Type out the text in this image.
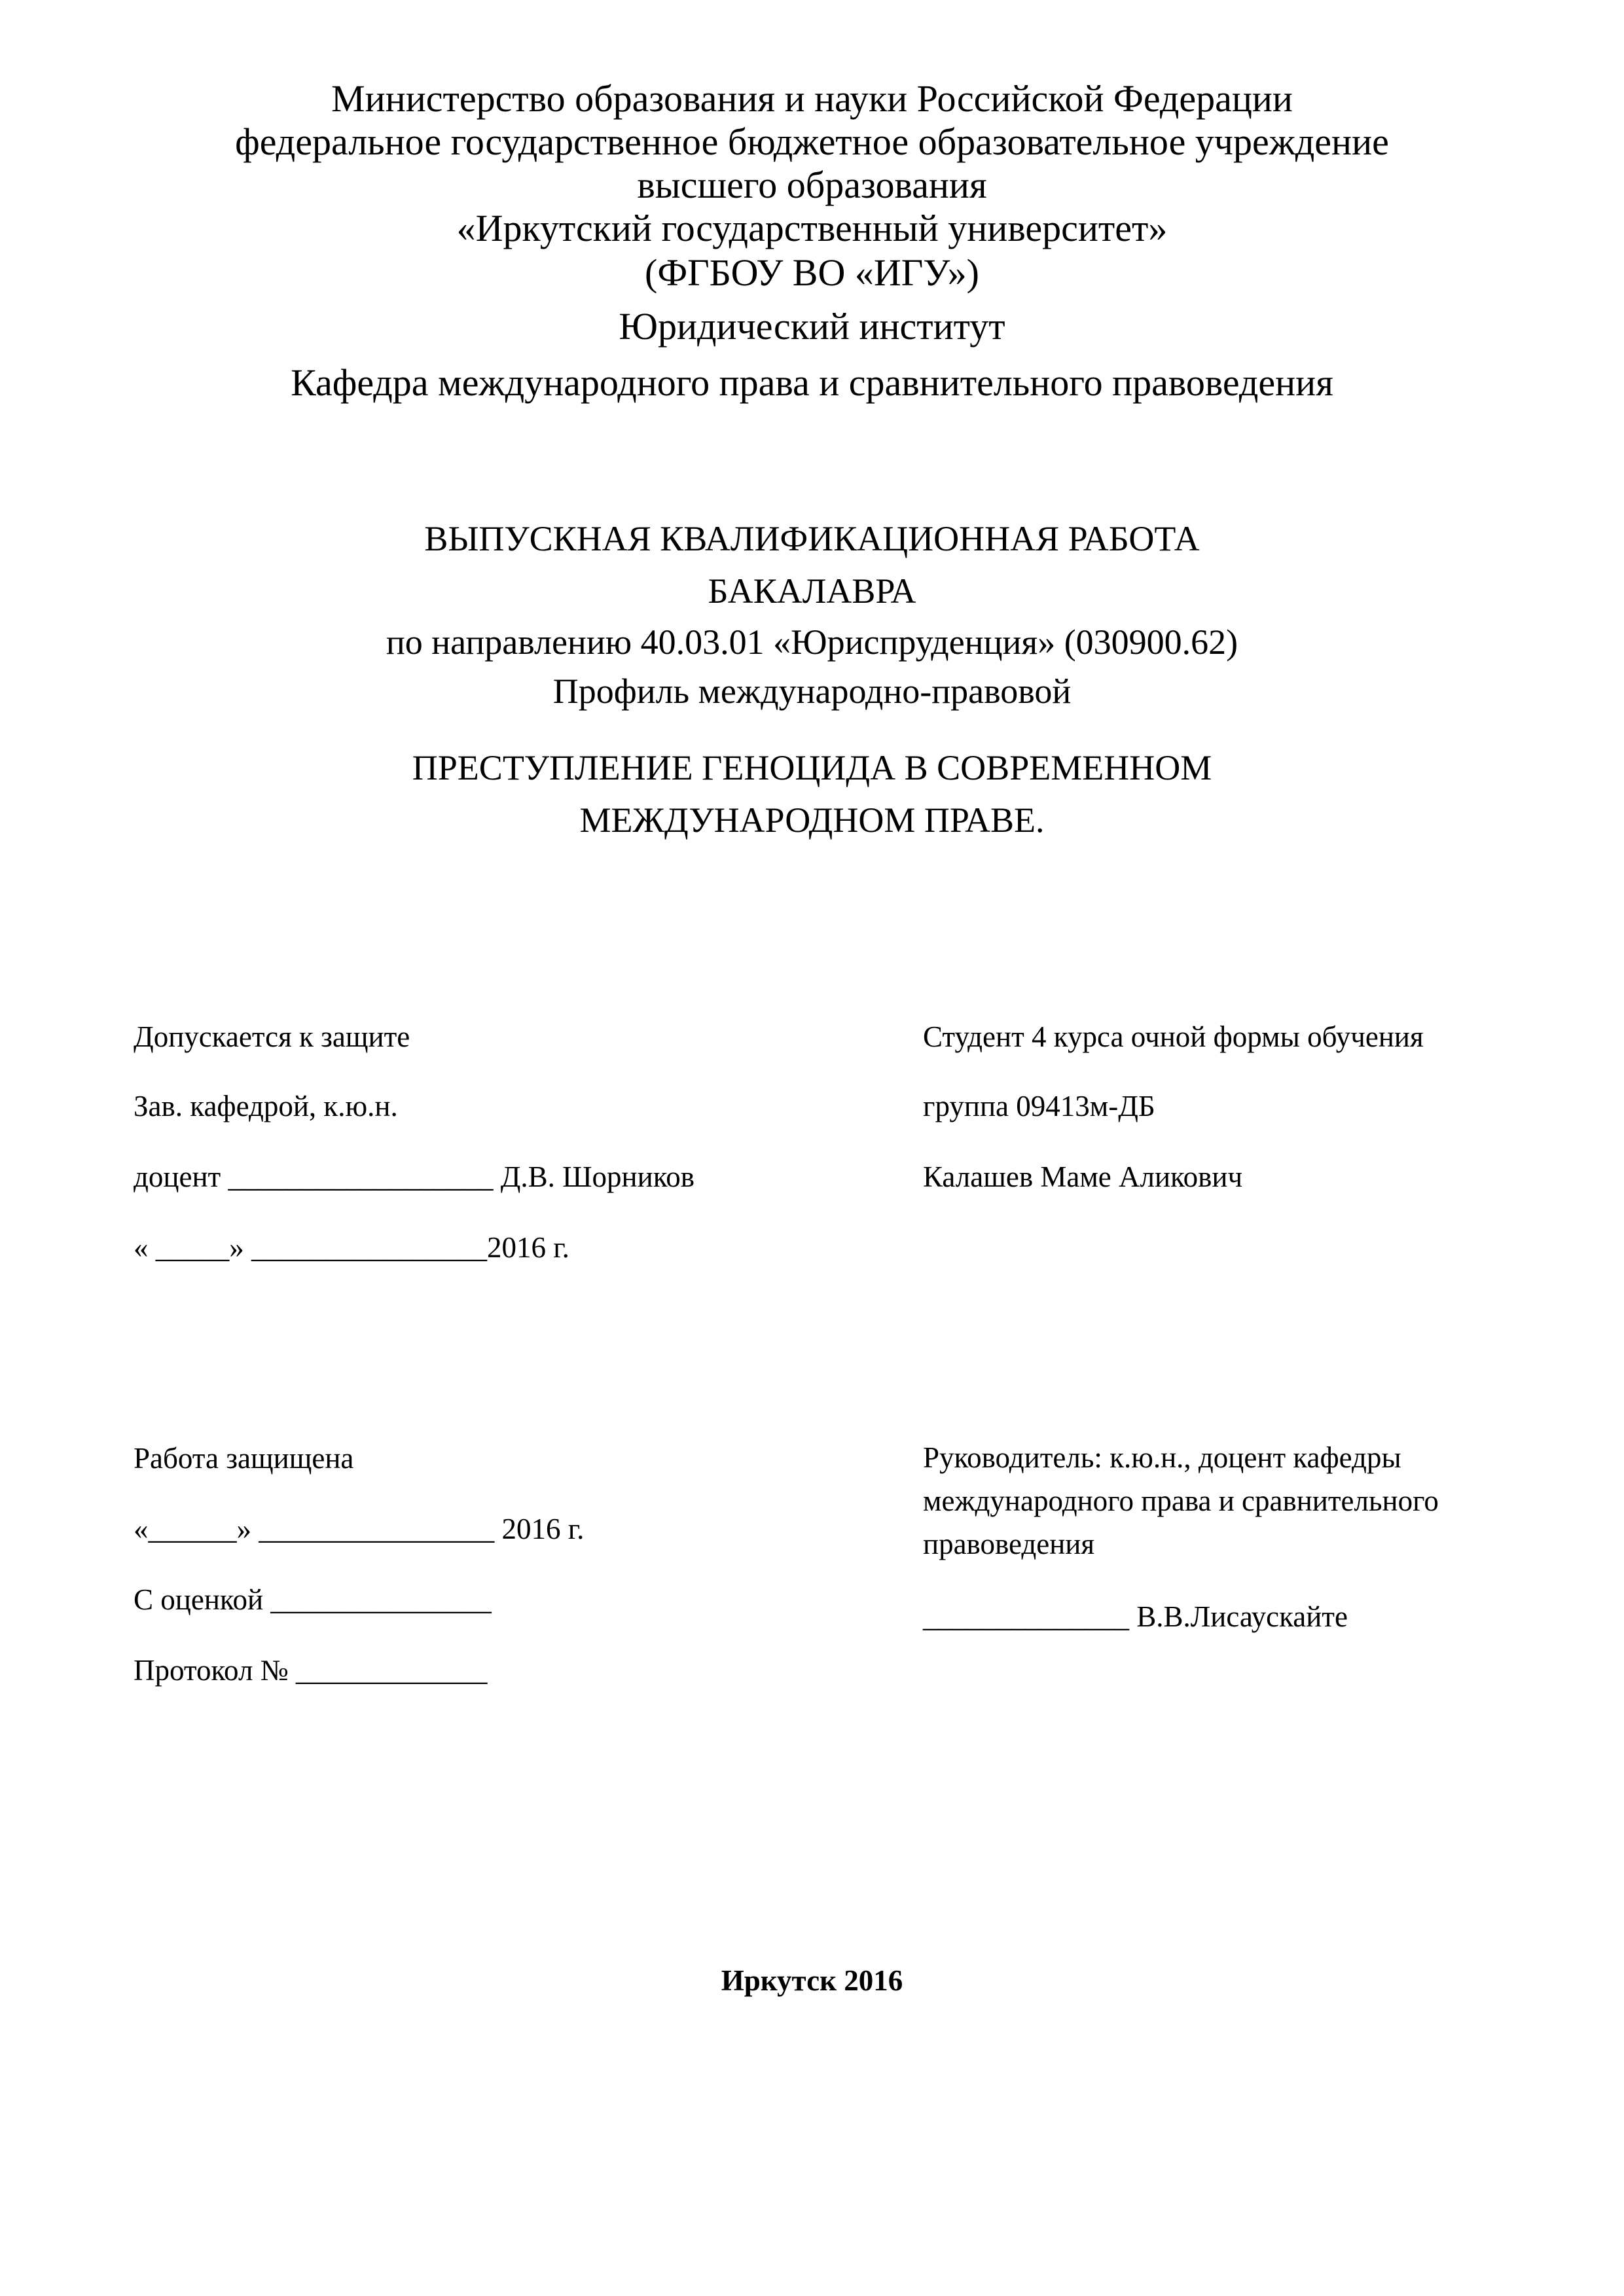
Министерство образования и науки Российской Федерации
федеральное государственное бюджетное образовательное учреждение
высшего образования
«Иркутский государственный университет»
(ФГБОУ ВО «ИГУ»)
Юридический институт
Кафедра международного права и сравнительного правоведения
ВЫПУСКНАЯ КВАЛИФИКАЦИОННАЯ РАБОТА
БАКАЛАВРА
по направлению 40.03.01 «Юриспруденция» (030900.62)
Профиль международно-правовой
ПРЕСТУПЛЕНИЕ ГЕНОЦИДА В СОВРЕМЕННОМ
МЕЖДУНАРОДНОМ ПРАВЕ.
Допускается к защите
Зав. кафедрой, к.ю.н.
доцент __________________ Д.В. Шорников
« _____» ________________2016 г.
Студент 4 курса очной формы обучения
группа 09413м-ДБ
Калашев Маме Аликович
Работа защищена
«______» ________________ 2016 г.
С оценкой _______________
Протокол № _____________
Руководитель: к.ю.н., доцент кафедры международного права и сравнительного правоведения
______________ В.В.Лисаускайте
Иркутск 2016
